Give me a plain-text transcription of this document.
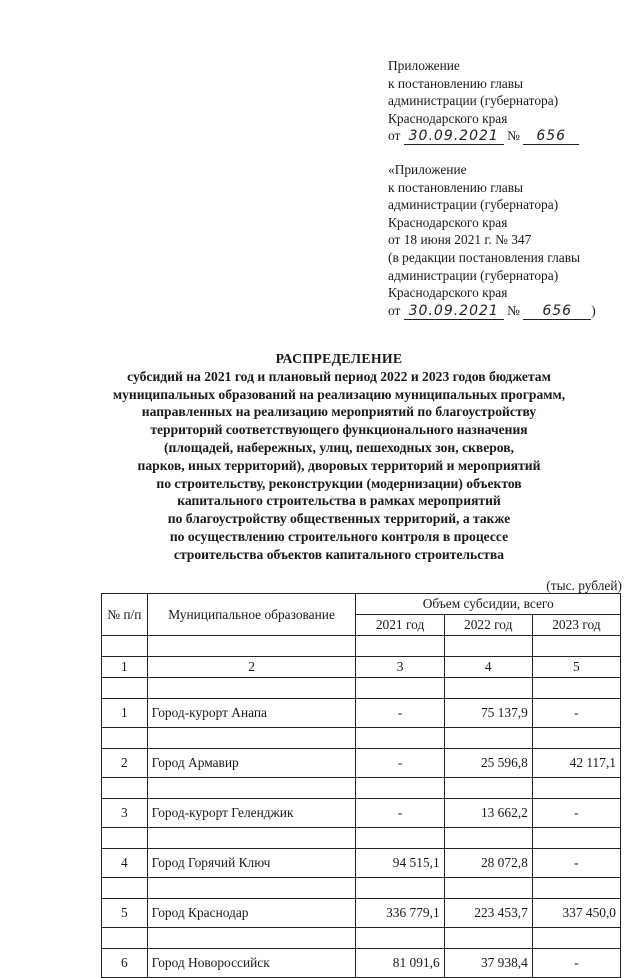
Приложение
к постановлению главы
администрации (губернатора)
Краснодарского края
от 30.09.2021 № 656
«Приложение
к постановлению главы
администрации (губернатора)
Краснодарского края
от 18 июня 2021 г. № 347
(в редакции постановления главы
администрации (губернатора)
Краснодарского края
от 30.09.2021 № 656 )
РАСПРЕДЕЛЕНИЕ
субсидий на 2021 год и плановый период 2022 и 2023 годов бюджетам
муниципальных образований на реализацию муниципальных программ,
направленных на реализацию мероприятий по благоустройству
территорий соответствующего функционального назначения
(площадей, набережных, улиц, пешеходных зон, скверов,
парков, иных территорий), дворовых территорий и мероприятий
по строительству, реконструкции (модернизации) объектов
капитального строительства в рамках мероприятий
по благоустройству общественных территорий, а также
по осуществлению строительного контроля в процессе
строительства объектов капитального строительства
(тыс. рублей)
№ п/п	Муниципальное образование	Объем субсидии, всего		
		2021 год	2022 год	2023 год

1	2	3	4	5

1	Город-курорт Анапа	-	75 137,9	-

2	Город Армавир	-	25 596,8	42 117,1

3	Город-курорт Геленджик	-	13 662,2	-

4	Город Горячий Ключ	94 515,1	28 072,8	-

5	Город Краснодар	336 779,1	223 453,7	337 450,0

6	Город Новороссийск	81 091,6	37 938,4	-
